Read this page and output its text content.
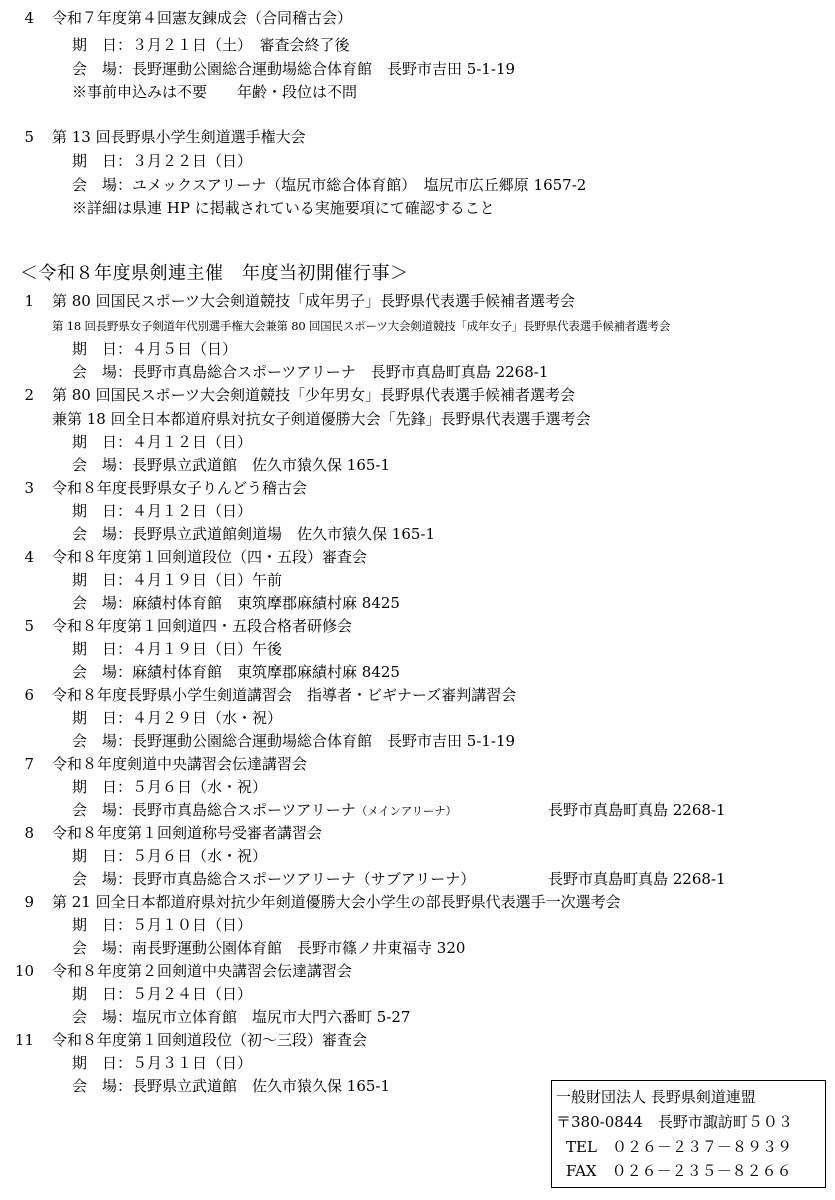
4 令和７年度第４回憲友錬成会（合同稽古会）
期　日：３月２１日（土）　審査会終了後
会　場：長野運動公園総合運動場総合体育館　長野市吉田 5-1-19
※事前申込みは不要　　年齢・段位は不問
5 第 13 回長野県小学生剣道選手権大会
期　日：３月２２日（日）
会　場：ユメックスアリーナ（塩尻市総合体育館）　塩尻市広丘郷原 1657-2
※詳細は県連 HP に掲載されている実施要項にて確認すること
＜令和８年度県剣連主催　年度当初開催行事＞
1 第 80 回国民スポーツ大会剣道競技「成年男子」長野県代表選手候補者選考会
第 18 回長野県女子剣道年代別選手権大会兼第 80 回国民スポーツ大会剣道競技「成年女子」長野県代表選手候補者選考会
期　日：４月５日（日）
会　場：長野市真島総合スポーツアリーナ　長野市真島町真島 2268-1
2 第 80 回国民スポーツ大会剣道競技「少年男女」長野県代表選手候補者選考会
兼第 18 回全日本都道府県対抗女子剣道優勝大会「先鋒」長野県代表選手選考会
期　日：４月１２日（日）
会　場：長野県立武道館　佐久市猿久保 165-1
3 令和８年度長野県女子りんどう稽古会
期　日：４月１２日（日）
会　場：長野県立武道館剣道場　佐久市猿久保 165-1
4 令和８年度第１回剣道段位（四・五段）審査会
期　日：４月１９日（日）午前
会　場：麻績村体育館　東筑摩郡麻績村麻 8425
5 令和８年度第１回剣道四・五段合格者研修会
期　日：４月１９日（日）午後
会　場：麻績村体育館　東筑摩郡麻績村麻 8425
6 令和８年度長野県小学生剣道講習会　指導者・ビギナーズ審判講習会
期　日：４月２９日（水・祝）
会　場：長野運動公園総合運動場総合体育館　長野市吉田 5-1-19
7 令和８年度剣道中央講習会伝達講習会
期　日：５月６日（水・祝）
会　場：長野市真島総合スポーツアリーナ（メインアリーナ）	長野市真島町真島 2268-1
8 令和８年度第１回剣道称号受審者講習会
期　日：５月６日（水・祝）
会　場：長野市真島総合スポーツアリーナ（サブアリーナ）	長野市真島町真島 2268-1
9 第 21 回全日本都道府県対抗少年剣道優勝大会小学生の部長野県代表選手一次選考会
期　日：５月１０日（日）
会　場：南長野運動公園体育館　長野市篠ノ井東福寺 320
10 令和８年度第２回剣道中央講習会伝達講習会
期　日：５月２４日（日）
会　場：塩尻市立体育館　塩尻市大門六番町 5-27
11 令和８年度第１回剣道段位（初～三段）審査会
期　日：５月３１日（日）
会　場：長野県立武道館　佐久市猿久保 165-1
一般財団法人 長野県剣道連盟
〒380-0844　長野市諏訪町５０３
TEL　 ０２６－２３７－８９３９
FAX　 ０２６－２３５－８２６６
